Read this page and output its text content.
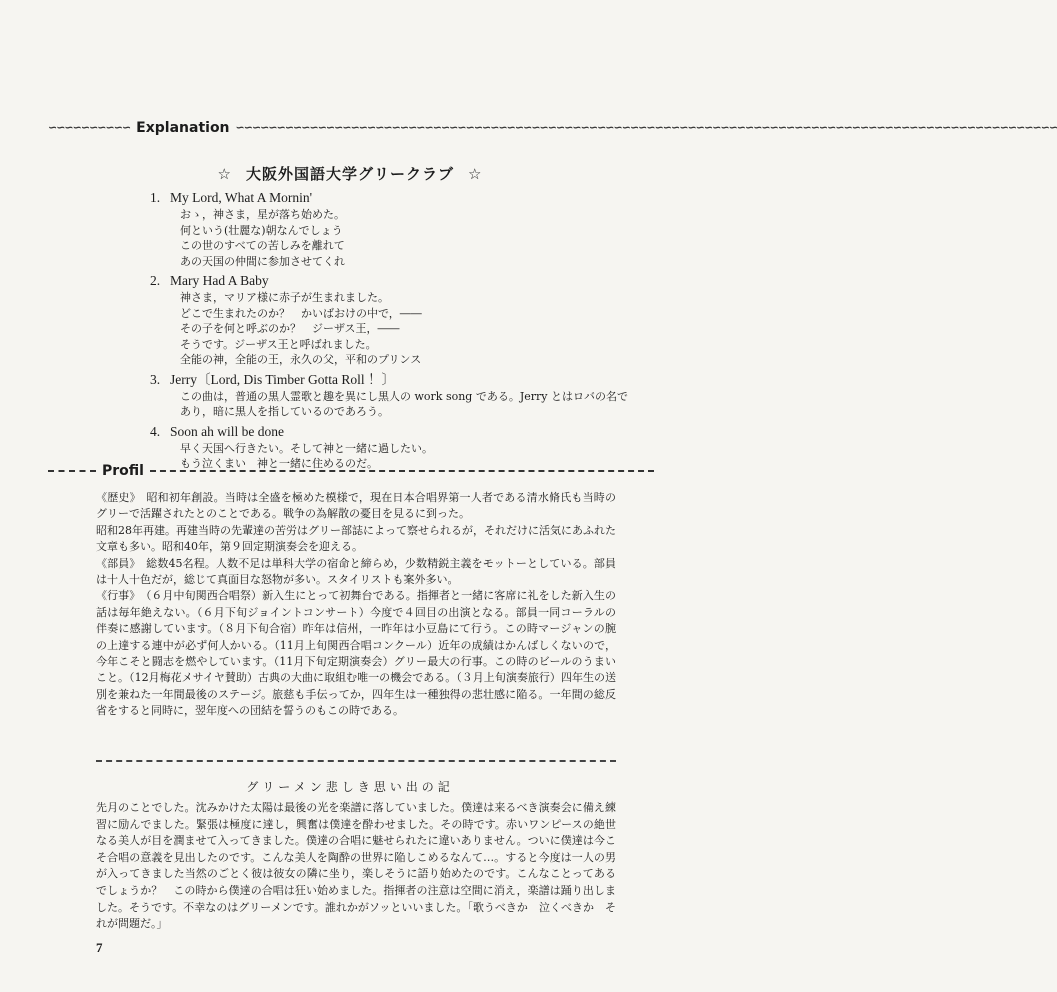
∽∽∽∽∽∽∽∽∽∽ Explanation ∽∽∽∽∽∽∽∽∽∽∽∽∽∽∽∽∽∽∽∽∽∽∽∽∽∽∽∽∽∽∽∽∽∽∽∽∽∽∽∽∽∽∽∽∽∽∽∽∽∽∽∽∽∽∽∽∽∽∽∽∽∽∽∽∽∽∽∽∽∽∽∽∽∽∽∽∽∽∽∽∽∽∽∽∽∽∽∽∽∽∽∽∽∽∽∽∽∽∽∽
☆ 大阪外国語大学グリークラブ ☆
1. My Lord, What A Mornin'
おゝ，神さま，星が落ち始めた。
何という(壮麗な)朝なんでしょう
この世のすべての苦しみを離れて
あの天国の仲間に参加させてくれ
2. Mary Had A Baby
神さま，マリア様に赤子が生まれました。
どこで生まれたのか？　かいばおけの中で，――
その子を何と呼ぶのか？　ジーザス王，――
そうです。ジーザス王と呼ばれました。
全能の神，全能の王，永久の父，平和のプリンス
3. Jerry〔Lord, Dis Timber Gotta Roll ！〕
この曲は，普通の黒人霊歌と趣を異にし黒人の work song である。Jerry とはロバの名で
あり，暗に黒人を指しているのであろう。
4. Soon ah will be done
早く天国へ行きたい。そして神と一緒に過したい。
もう泣くまい　神と一緒に住めるのだ。
Profil

《歴史》　昭和初年創設。当時は全盛を極めた模様で，現在日本合唱界第一人者である清水脩氏も当時のグリーで活躍されたとのことである。戦争の為解散の憂目を見るに到った。

昭和28年再建。再建当時の先輩達の苦労はグリー部誌によって察せられるが，それだけに活気にあふれた文章も多い。昭和40年，第９回定期演奏会を迎える。

《部員》　総数45名程。人数不足は単科大学の宿命と締らめ，少数精鋭主義をモットーとしている。部員は十人十色だが，総じて真面目な怒物が多い。スタイリストも案外多い。

《行事》　（６月中旬関西合唱祭）新入生にとって初舞台である。指揮者と一緒に客席に礼をした新入生の話は毎年絶えない。（６月下旬ジョイントコンサート）今度で４回目の出演となる。部員一同コーラルの伴奏に感謝しています。（８月下旬合宿）昨年は信州，一昨年は小豆島にて行う。この時マージャンの腕の上達する連中が必ず何人かいる。（11月上旬関西合唱コンクール）近年の成績はかんばしくないので，今年こそと闘志を燃やしています。（11月下旬定期演奏会）グリー最大の行事。この時のビールのうまいこと。（12月梅花メサイヤ賛助）古典の大曲に取組む唯一の機会である。（３月上旬演奏旅行）四年生の送別を兼ねた一年間最後のステージ。旅慈も手伝ってか，四年生は一種独得の悲壮感に陥る。一年間の総反省をすると同時に，翌年度への団結を誓うのもこの時である。

グリーメン悲しき思い出の記
先月のことでした。沈みかけた太陽は最後の光を楽譜に落していました。僕達は来るべき演奏会に備え練習に励んでました。緊張は極度に達し，興奮は僕達を酔わせました。その時です。赤いワンピースの絶世なる美人が目を潤ませて入ってきました。僕達の合唱に魅せられたに違いありません。ついに僕達は今こそ合唱の意義を見出したのです。こんな美人を陶酔の世界に陥しこめるなんて…。すると今度は一人の男が入ってきました当然のごとく彼は彼女の隣に坐り，楽しそうに語り始めたのです。こんなことってあるでしょうか？　この時から僕達の合唱は狂い始めました。指揮者の注意は空間に消え，楽譜は踊り出しました。そうです。不幸なのはグリーメンです。誰れかがソッといいました。「歌うべきか　泣くべきか　それが問題だ。」
7
